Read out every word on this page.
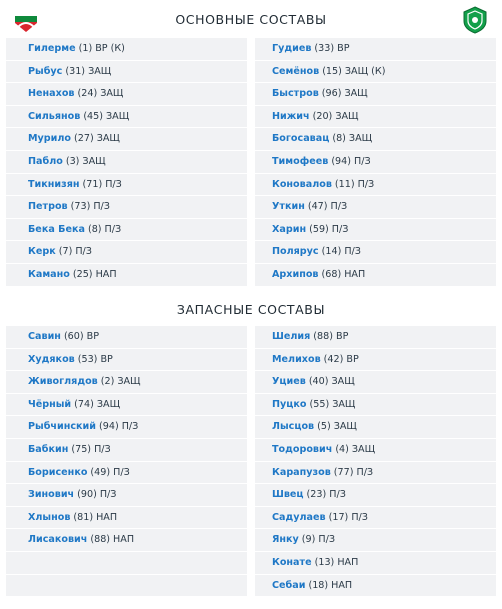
ОСНОВНЫЕ СОСТАВЫ
Гилерме (1) ВР (К)
Рыбус (31) ЗАЩ
Ненахов (24) ЗАЩ
Сильянов (45) ЗАЩ
Мурило (27) ЗАЩ
Пабло (3) ЗАЩ
Тикнизян (71) П/З
Петров (73) П/З
Бека Бека (8) П/З
Керк (7) П/З
Камано (25) НАП
Гудиев (33) ВР
Семёнов (15) ЗАЩ (К)
Быстров (96) ЗАЩ
Нижич (20) ЗАЩ
Богосавац (8) ЗАЩ
Тимофеев (94) П/З
Коновалов (11) П/З
Уткин (47) П/З
Харин (59) П/З
Полярус (14) П/З
Архипов (68) НАП
ЗАПАСНЫЕ СОСТАВЫ
Савин (60) ВР
Худяков (53) ВР
Живоглядов (2) ЗАЩ
Чёрный (74) ЗАЩ
Рыбчинский (94) П/З
Бабкин (75) П/З
Борисенко (49) П/З
Зинович (90) П/З
Хлынов (81) НАП
Лисакович (88) НАП
Шелия (88) ВР
Мелихов (42) ВР
Уциев (40) ЗАЩ
Пуцко (55) ЗАЩ
Лысцов (5) ЗАЩ
Тодорович (4) ЗАЩ
Карапузов (77) П/З
Швец (23) П/З
Садулаев (17) П/З
Янку (9) П/З
Конате (13) НАП
Себаи (18) НАП
